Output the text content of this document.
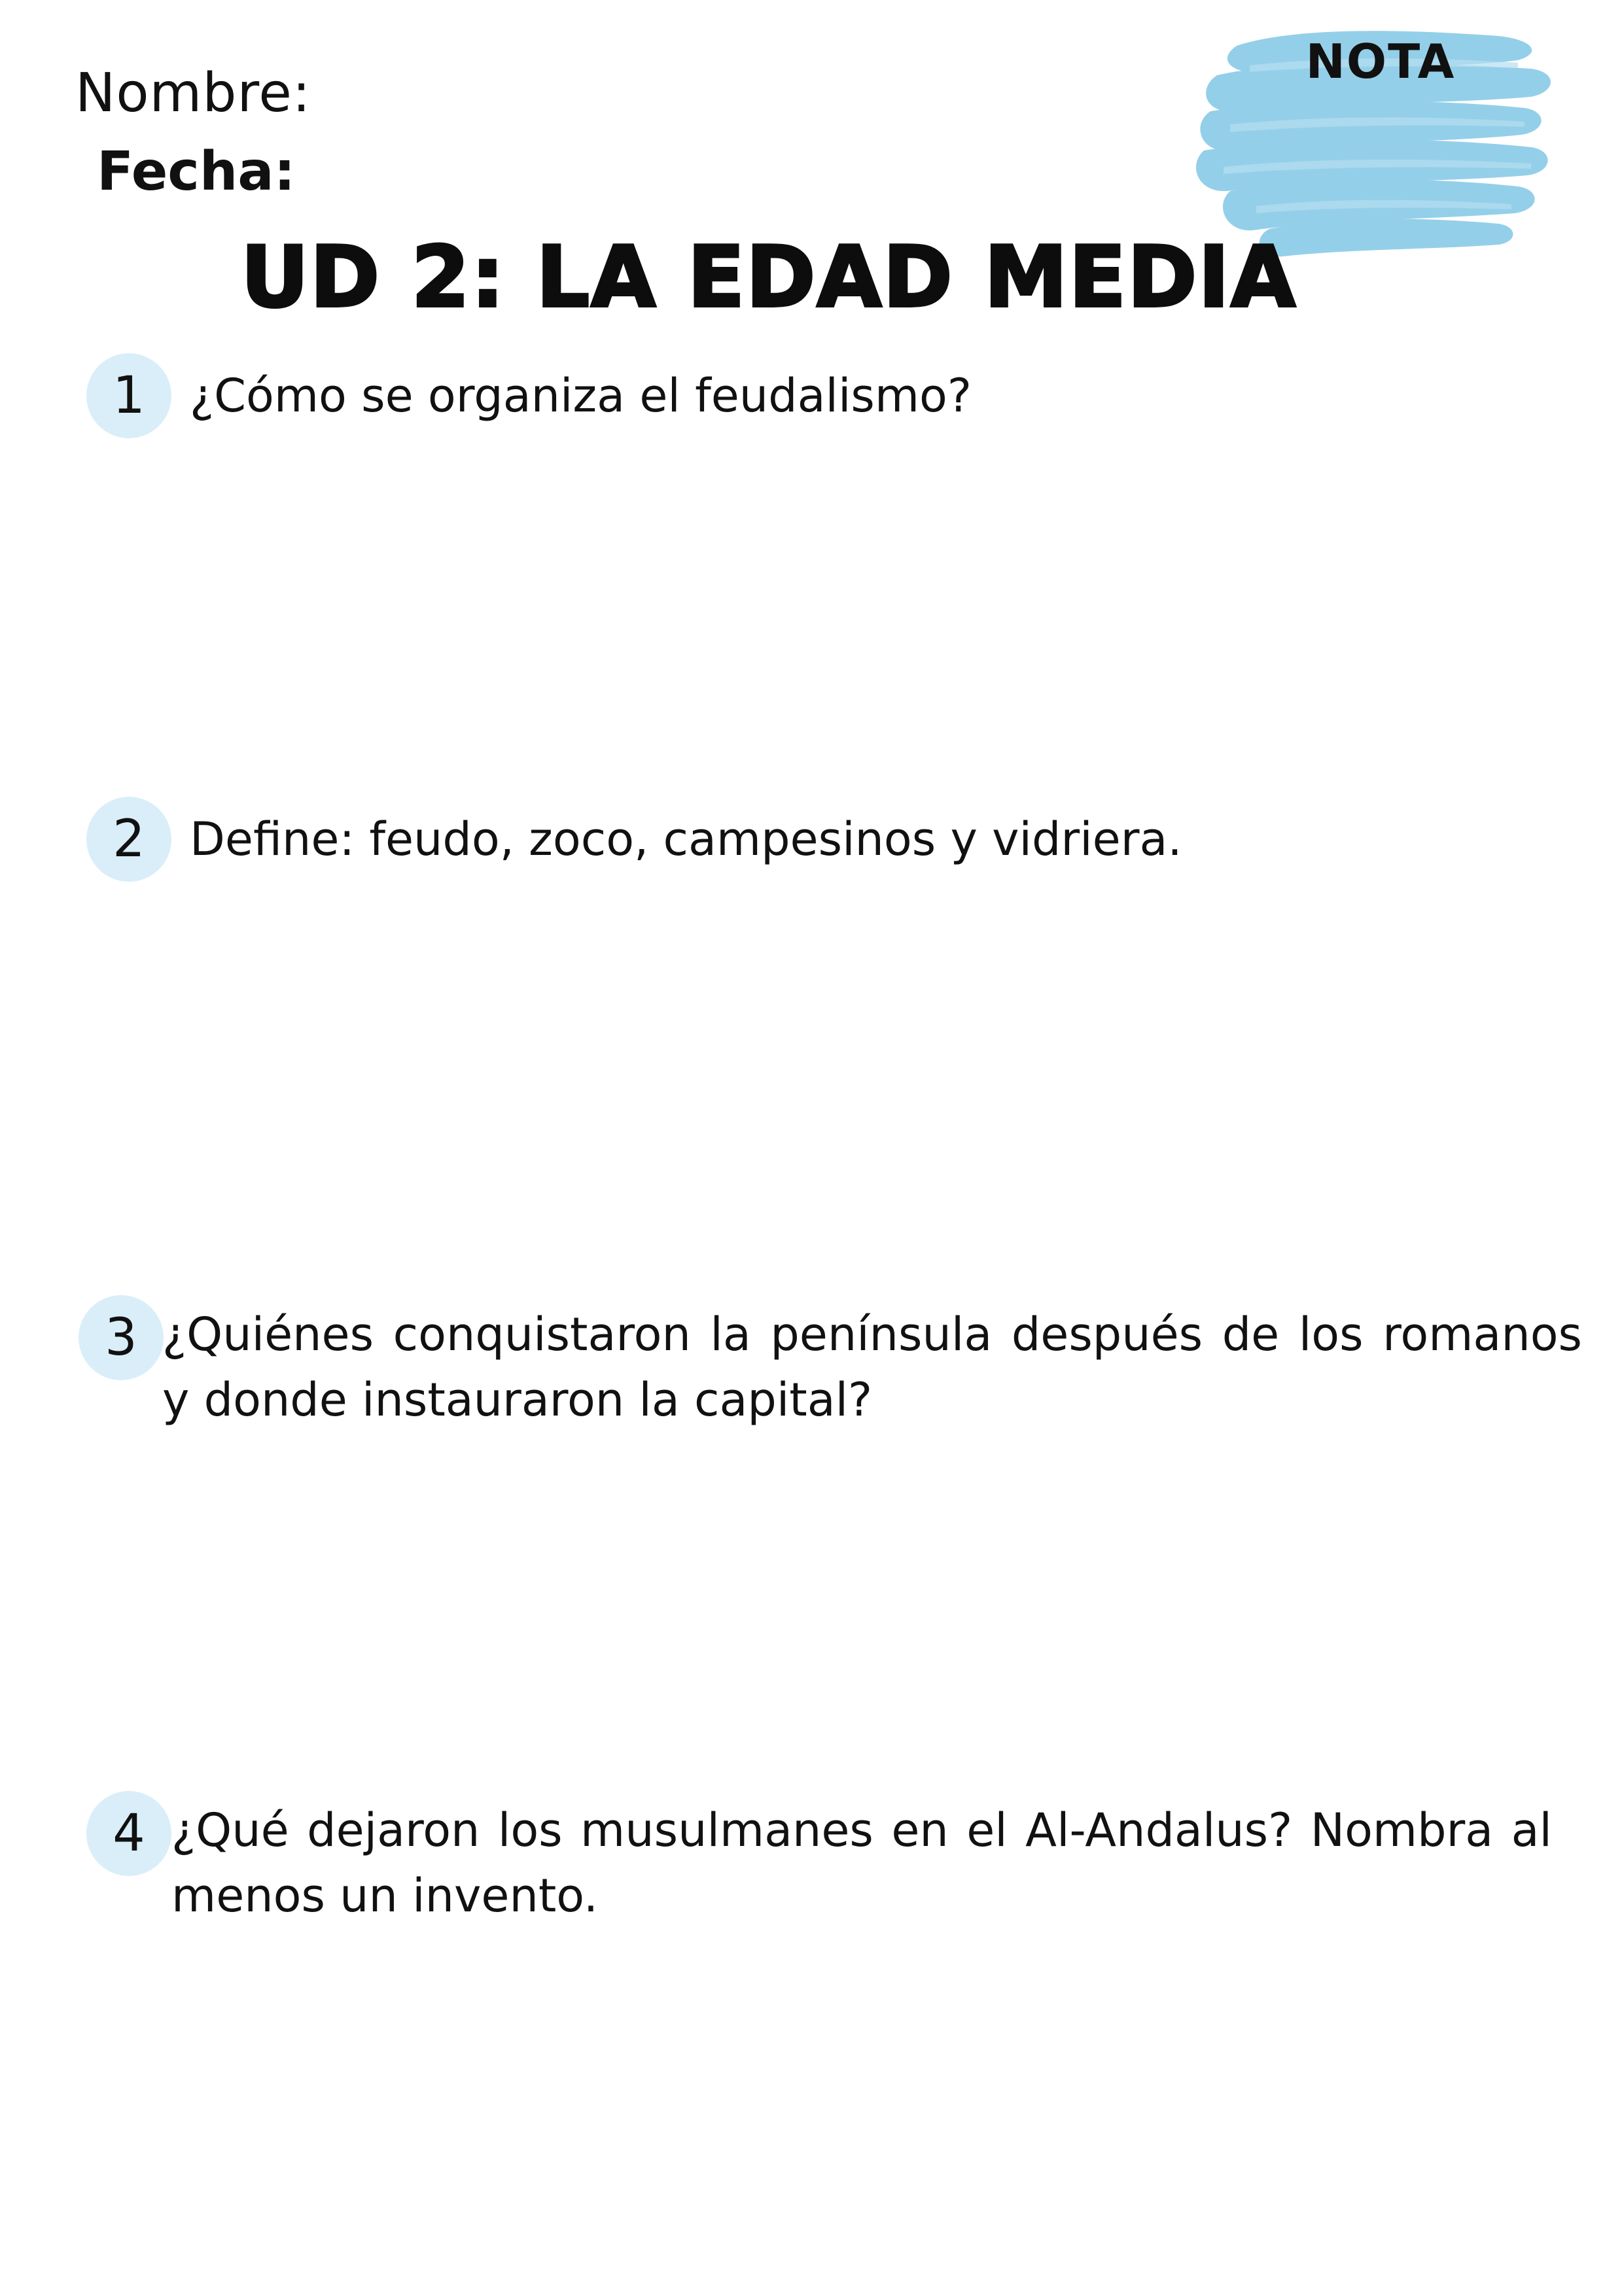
Nombre:
Fecha:
NOTA
UD 2: LA EDAD MEDIA
1 ¿Cómo se organiza el feudalismo?
2 Define: feudo, zoco, campesinos y vidriera.
3 ¿Quiénes conquistaron la península después de los romanos y donde instauraron la capital?
4 ¿Qué dejaron los musulmanes en el Al-Andalus? Nombra al menos un invento.
